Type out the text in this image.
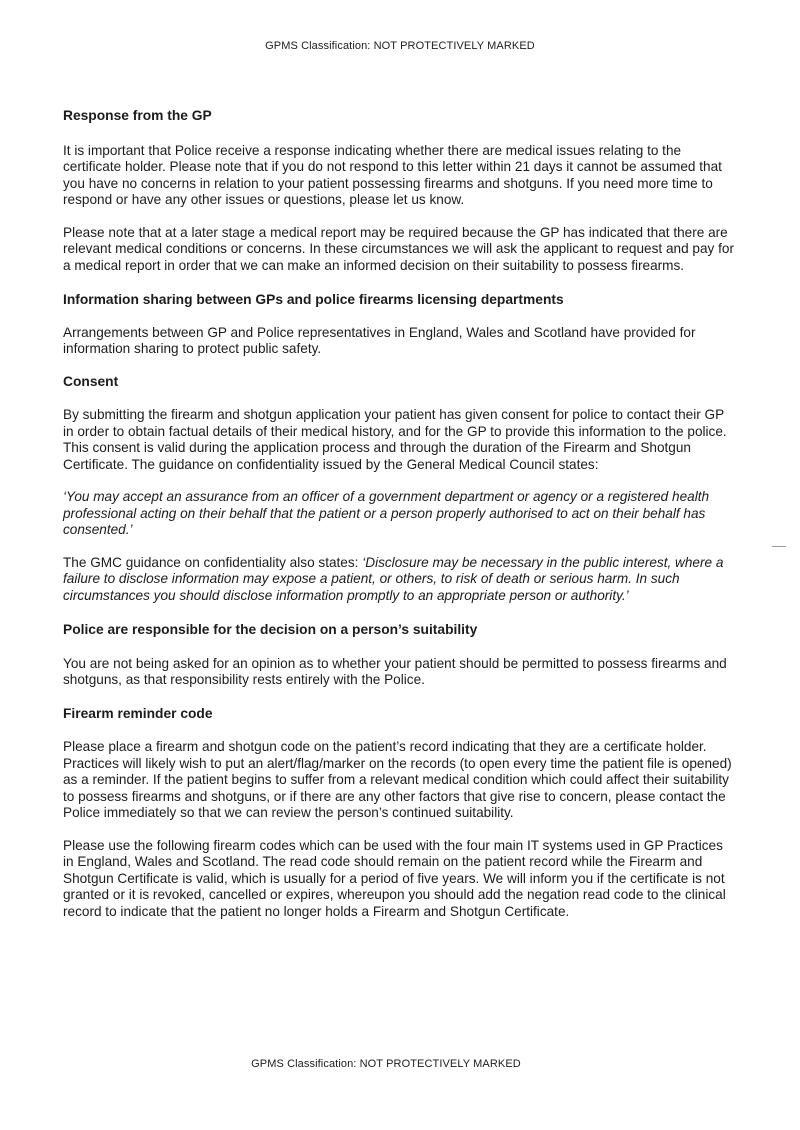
GPMS Classification: NOT PROTECTIVELY MARKED
Response from the GP

It is important that Police receive a response indicating whether there are medical issues relating to the certificate holder. Please note that if you do not respond to this letter within 21 days it cannot be assumed that you have no concerns in relation to your patient possessing firearms and shotguns. If you need more time to respond or have any other issues or questions, please let us know.

Please note that at a later stage a medical report may be required because the GP has indicated that there are relevant medical conditions or concerns. In these circumstances we will ask the applicant to request and pay for a medical report in order that we can make an informed decision on their suitability to possess firearms.

Information sharing between GPs and police firearms licensing departments

Arrangements between GP and Police representatives in England, Wales and Scotland have provided for information sharing to protect public safety.

Consent

By submitting the firearm and shotgun application your patient has given consent for police to contact their GP in order to obtain factual details of their medical history, and for the GP to provide this information to the police. This consent is valid during the application process and through the duration of the Firearm and Shotgun Certificate. The guidance on confidentiality issued by the General Medical Council states:

‘You may accept an assurance from an officer of a government department or agency or a registered health professional acting on their behalf that the patient or a person properly authorised to act on their behalf has consented.’

The GMC guidance on confidentiality also states: ‘Disclosure may be necessary in the public interest, where a failure to disclose information may expose a patient, or others, to risk of death or serious harm. In such circumstances you should disclose information promptly to an appropriate person or authority.’

Police are responsible for the decision on a person’s suitability

You are not being asked for an opinion as to whether your patient should be permitted to possess firearms and shotguns, as that responsibility rests entirely with the Police.

Firearm reminder code

Please place a firearm and shotgun code on the patient’s record indicating that they are a certificate holder. Practices will likely wish to put an alert/flag/marker on the records (to open every time the patient file is opened) as a reminder. If the patient begins to suffer from a relevant medical condition which could affect their suitability to possess firearms and shotguns, or if there are any other factors that give rise to concern, please contact the Police immediately so that we can review the person’s continued suitability.

Please use the following firearm codes which can be used with the four main IT systems used in GP Practices in England, Wales and Scotland. The read code should remain on the patient record while the Firearm and Shotgun Certificate is valid, which is usually for a period of five years. We will inform you if the certificate is not granted or it is revoked, cancelled or expires, whereupon you should add the negation read code to the clinical record to indicate that the patient no longer holds a Firearm and Shotgun Certificate.

GPMS Classification: NOT PROTECTIVELY MARKED
